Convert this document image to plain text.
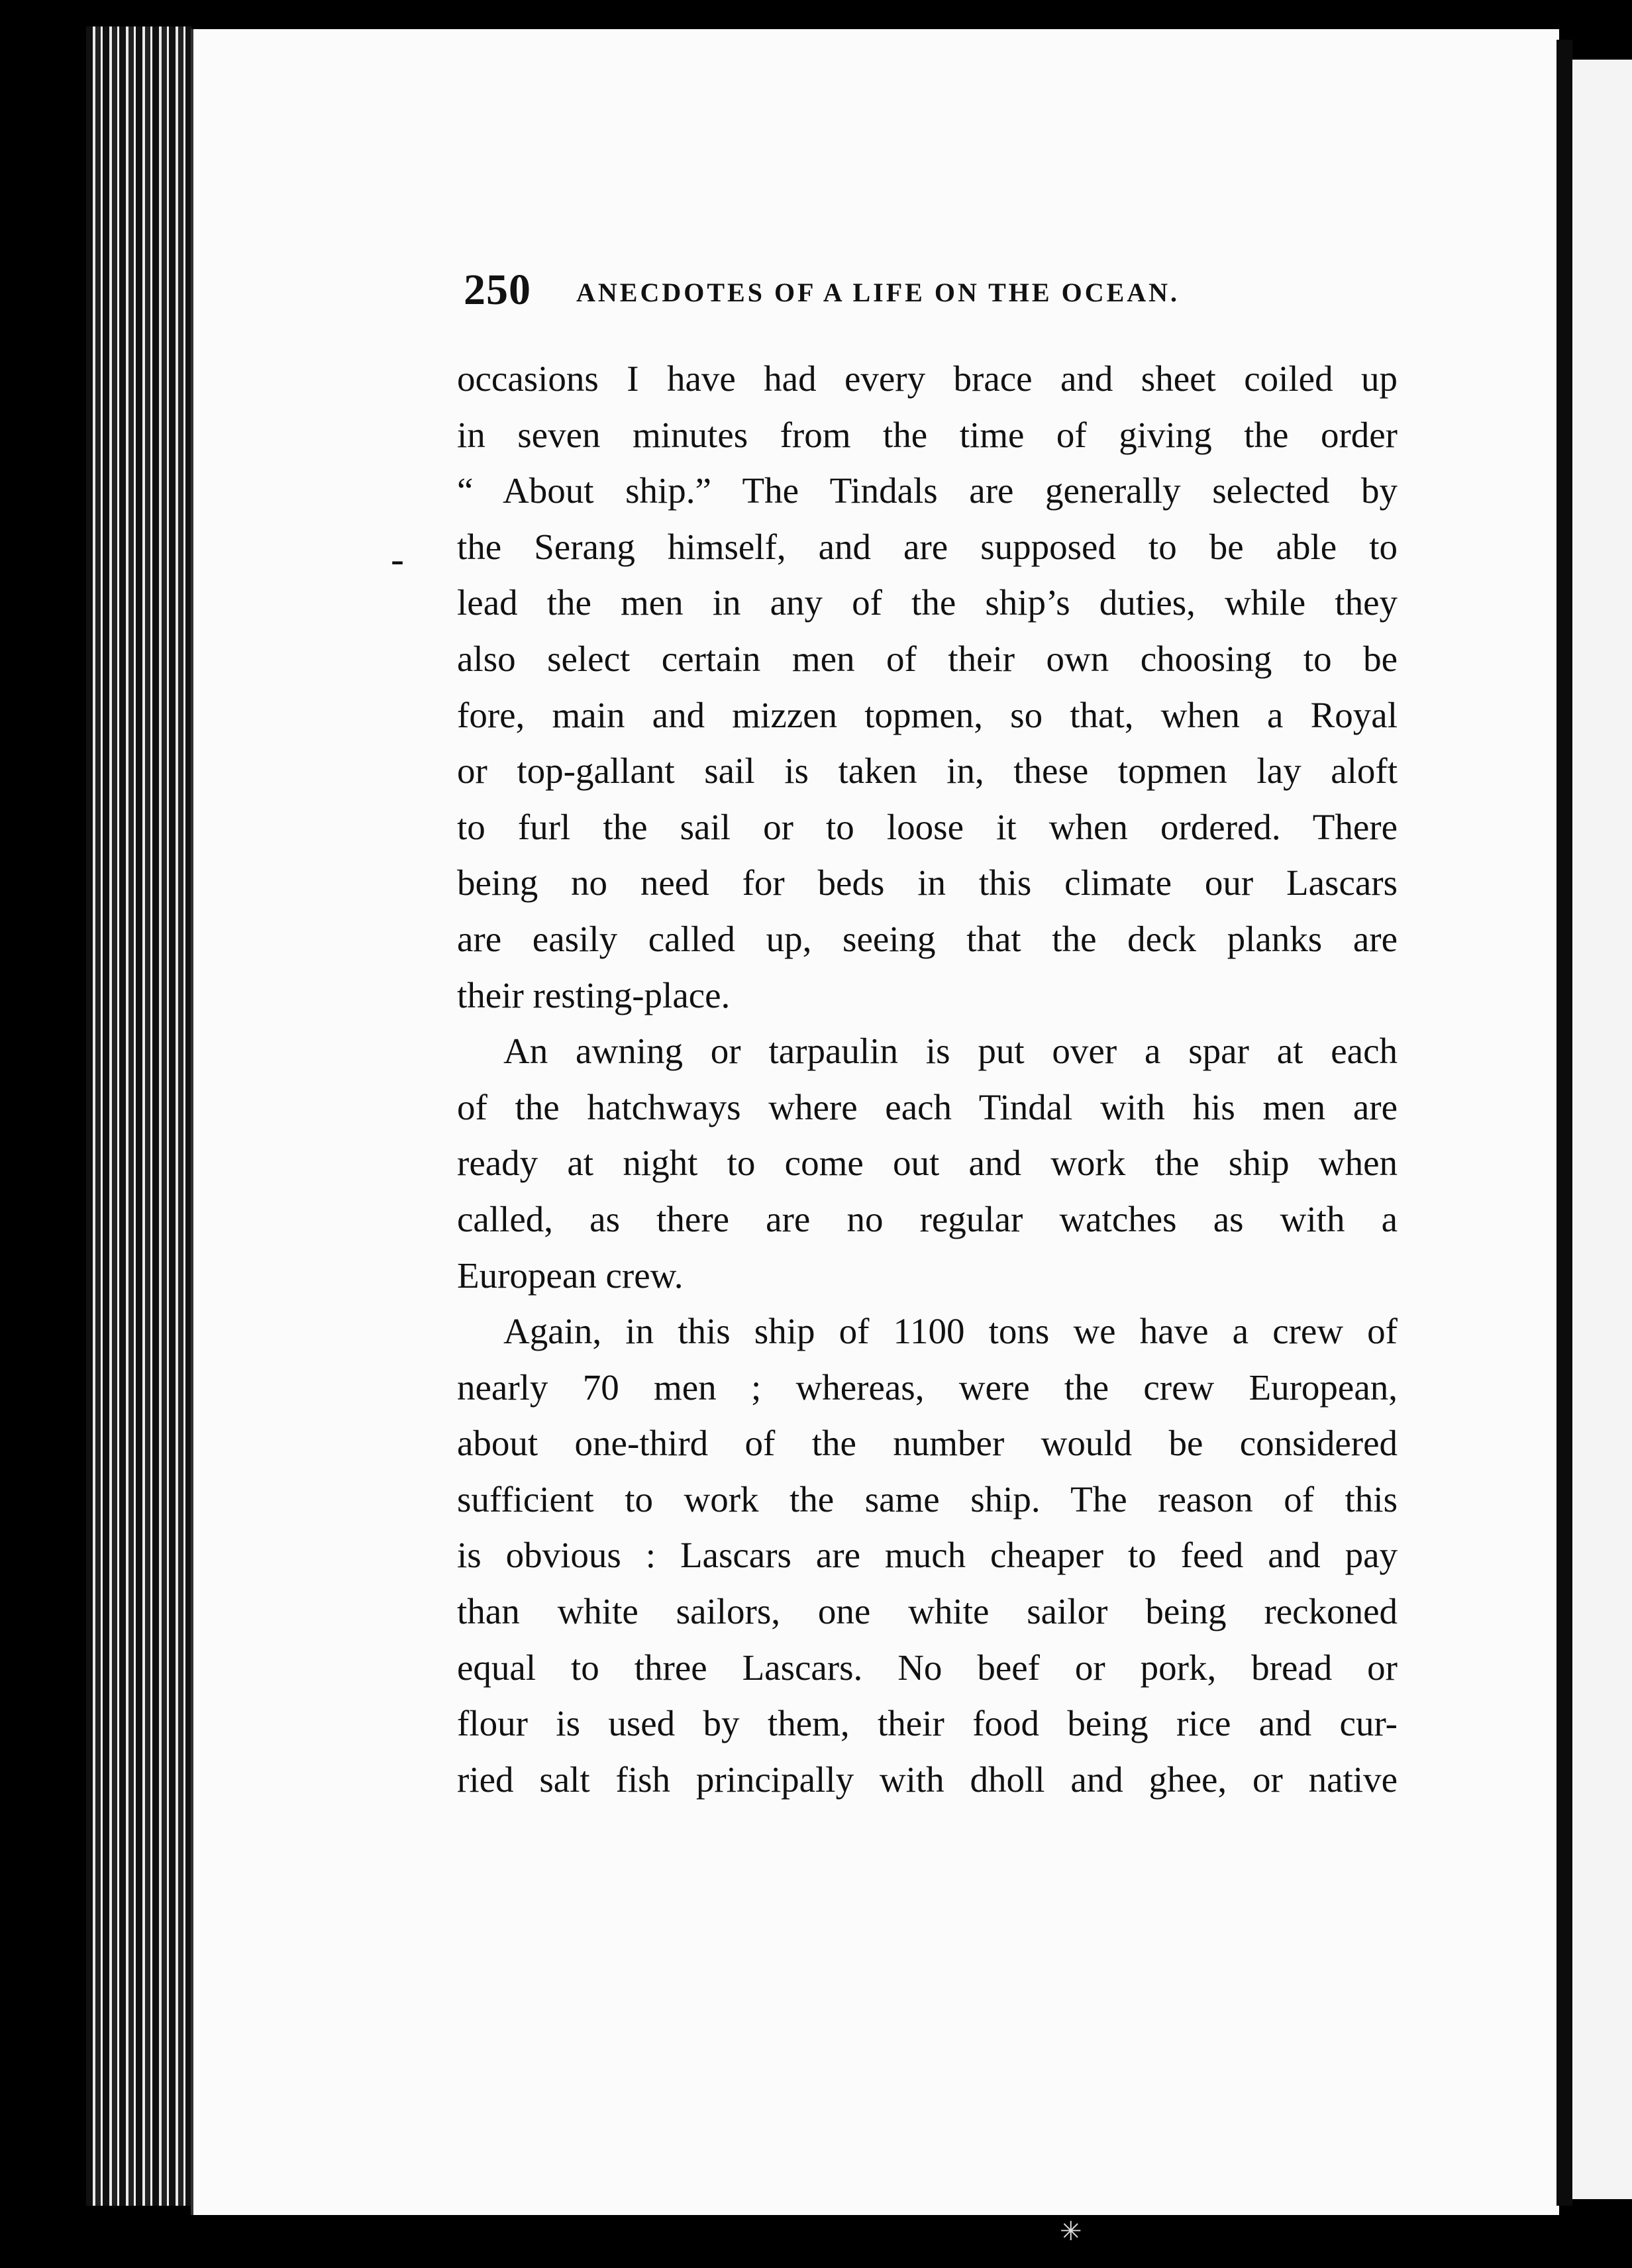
250 ANECDOTES OF A LIFE ON THE OCEAN.
-
occasions I have had every brace and sheet coiled up
in seven minutes from the time of giving the order
“ About ship.” The Tindals are generally selected by
the Serang himself, and are supposed to be able to
lead the men in any of the ship’s duties, while they
also select certain men of their own choosing to be
fore, main and mizzen topmen, so that, when a Royal
or top-gallant sail is taken in, these topmen lay aloft
to furl the sail or to loose it when ordered. There
being no need for beds in this climate our Lascars
are easily called up, seeing that the deck planks are
their resting-place.
An awning or tarpaulin is put over a spar at each
of the hatchways where each Tindal with his men are
ready at night to come out and work the ship when
called, as there are no regular watches as with a
European crew.
Again, in this ship of 1100 tons we have a crew of
nearly 70 men ; whereas, were the crew European,
about one-third of the number would be considered
sufficient to work the same ship. The reason of this
is obvious : Lascars are much cheaper to feed and pay
than white sailors, one white sailor being reckoned
equal to three Lascars. No beef or pork, bread or
flour is used by them, their food being rice and cur-
ried salt fish principally with dholl and ghee, or native
✳
